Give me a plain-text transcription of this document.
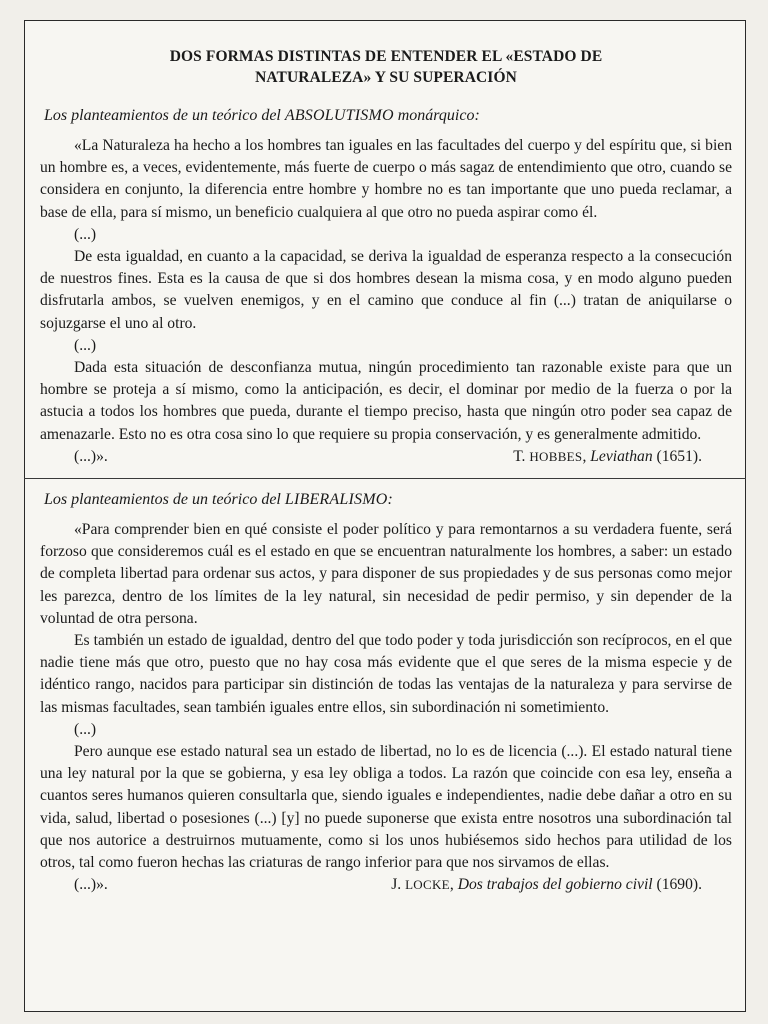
DOS FORMAS DISTINTAS DE ENTENDER EL «ESTADO DE
NATURALEZA» Y SU SUPERACIÓN
Los planteamientos de un teórico del ABSOLUTISMO monárquico:

«La Naturaleza ha hecho a los hombres tan iguales en las facultades del cuerpo y del espíritu que, si bien un hombre es, a veces, evidentemente, más fuerte de cuerpo o más sagaz de entendimiento que otro, cuando se considera en conjunto, la diferencia entre hombre y hombre no es tan importante que uno pueda reclamar, a base de ella, para sí mismo, un beneficio cualquiera al que otro no pueda aspirar como él.

(...)

De esta igualdad, en cuanto a la capacidad, se deriva la igualdad de esperanza respecto a la consecución de nuestros fines. Esta es la causa de que si dos hombres desean la misma cosa, y en modo alguno pueden disfrutarla ambos, se vuelven enemigos, y en el camino que conduce al fin (...) tratan de aniquilarse o sojuzgarse el uno al otro.

(...)

Dada esta situación de desconfianza mutua, ningún procedimiento tan razonable existe para que un hombre se proteja a sí mismo, como la anticipación, es decir, el dominar por medio de la fuerza o por la astucia a todos los hombres que pueda, durante el tiempo preciso, hasta que ningún otro poder sea capaz de amenazarle. Esto no es otra cosa sino lo que requiere su propia conservación, y es generalmente admitido.

(...)».	T. HOBBES, Leviathan (1651).
Los planteamientos de un teórico del LIBERALISMO:

«Para comprender bien en qué consiste el poder político y para remontarnos a su verdadera fuente, será forzoso que consideremos cuál es el estado en que se encuentran naturalmente los hombres, a saber: un estado de completa libertad para ordenar sus actos, y para disponer de sus propiedades y de sus personas como mejor les parezca, dentro de los límites de la ley natural, sin necesidad de pedir permiso, y sin depender de la voluntad de otra persona.

Es también un estado de igualdad, dentro del que todo poder y toda jurisdicción son recíprocos, en el que nadie tiene más que otro, puesto que no hay cosa más evidente que el que seres de la misma especie y de idéntico rango, nacidos para participar sin distinción de todas las ventajas de la naturaleza y para servirse de las mismas facultades, sean también iguales entre ellos, sin subordinación ni sometimiento.

(...)

Pero aunque ese estado natural sea un estado de libertad, no lo es de licencia (...). El estado natural tiene una ley natural por la que se gobierna, y esa ley obliga a todos. La razón que coincide con esa ley, enseña a cuantos seres humanos quieren consultarla que, siendo iguales e independientes, nadie debe dañar a otro en su vida, salud, libertad o posesiones (...) [y] no puede suponerse que exista entre nosotros una subordinación tal que nos autorice a destruirnos mutuamente, como si los unos hubiésemos sido hechos para utilidad de los otros, tal como fueron hechas las criaturas de rango inferior para que nos sirvamos de ellas.

(...)».	J. LOCKE, Dos trabajos del gobierno civil (1690).
